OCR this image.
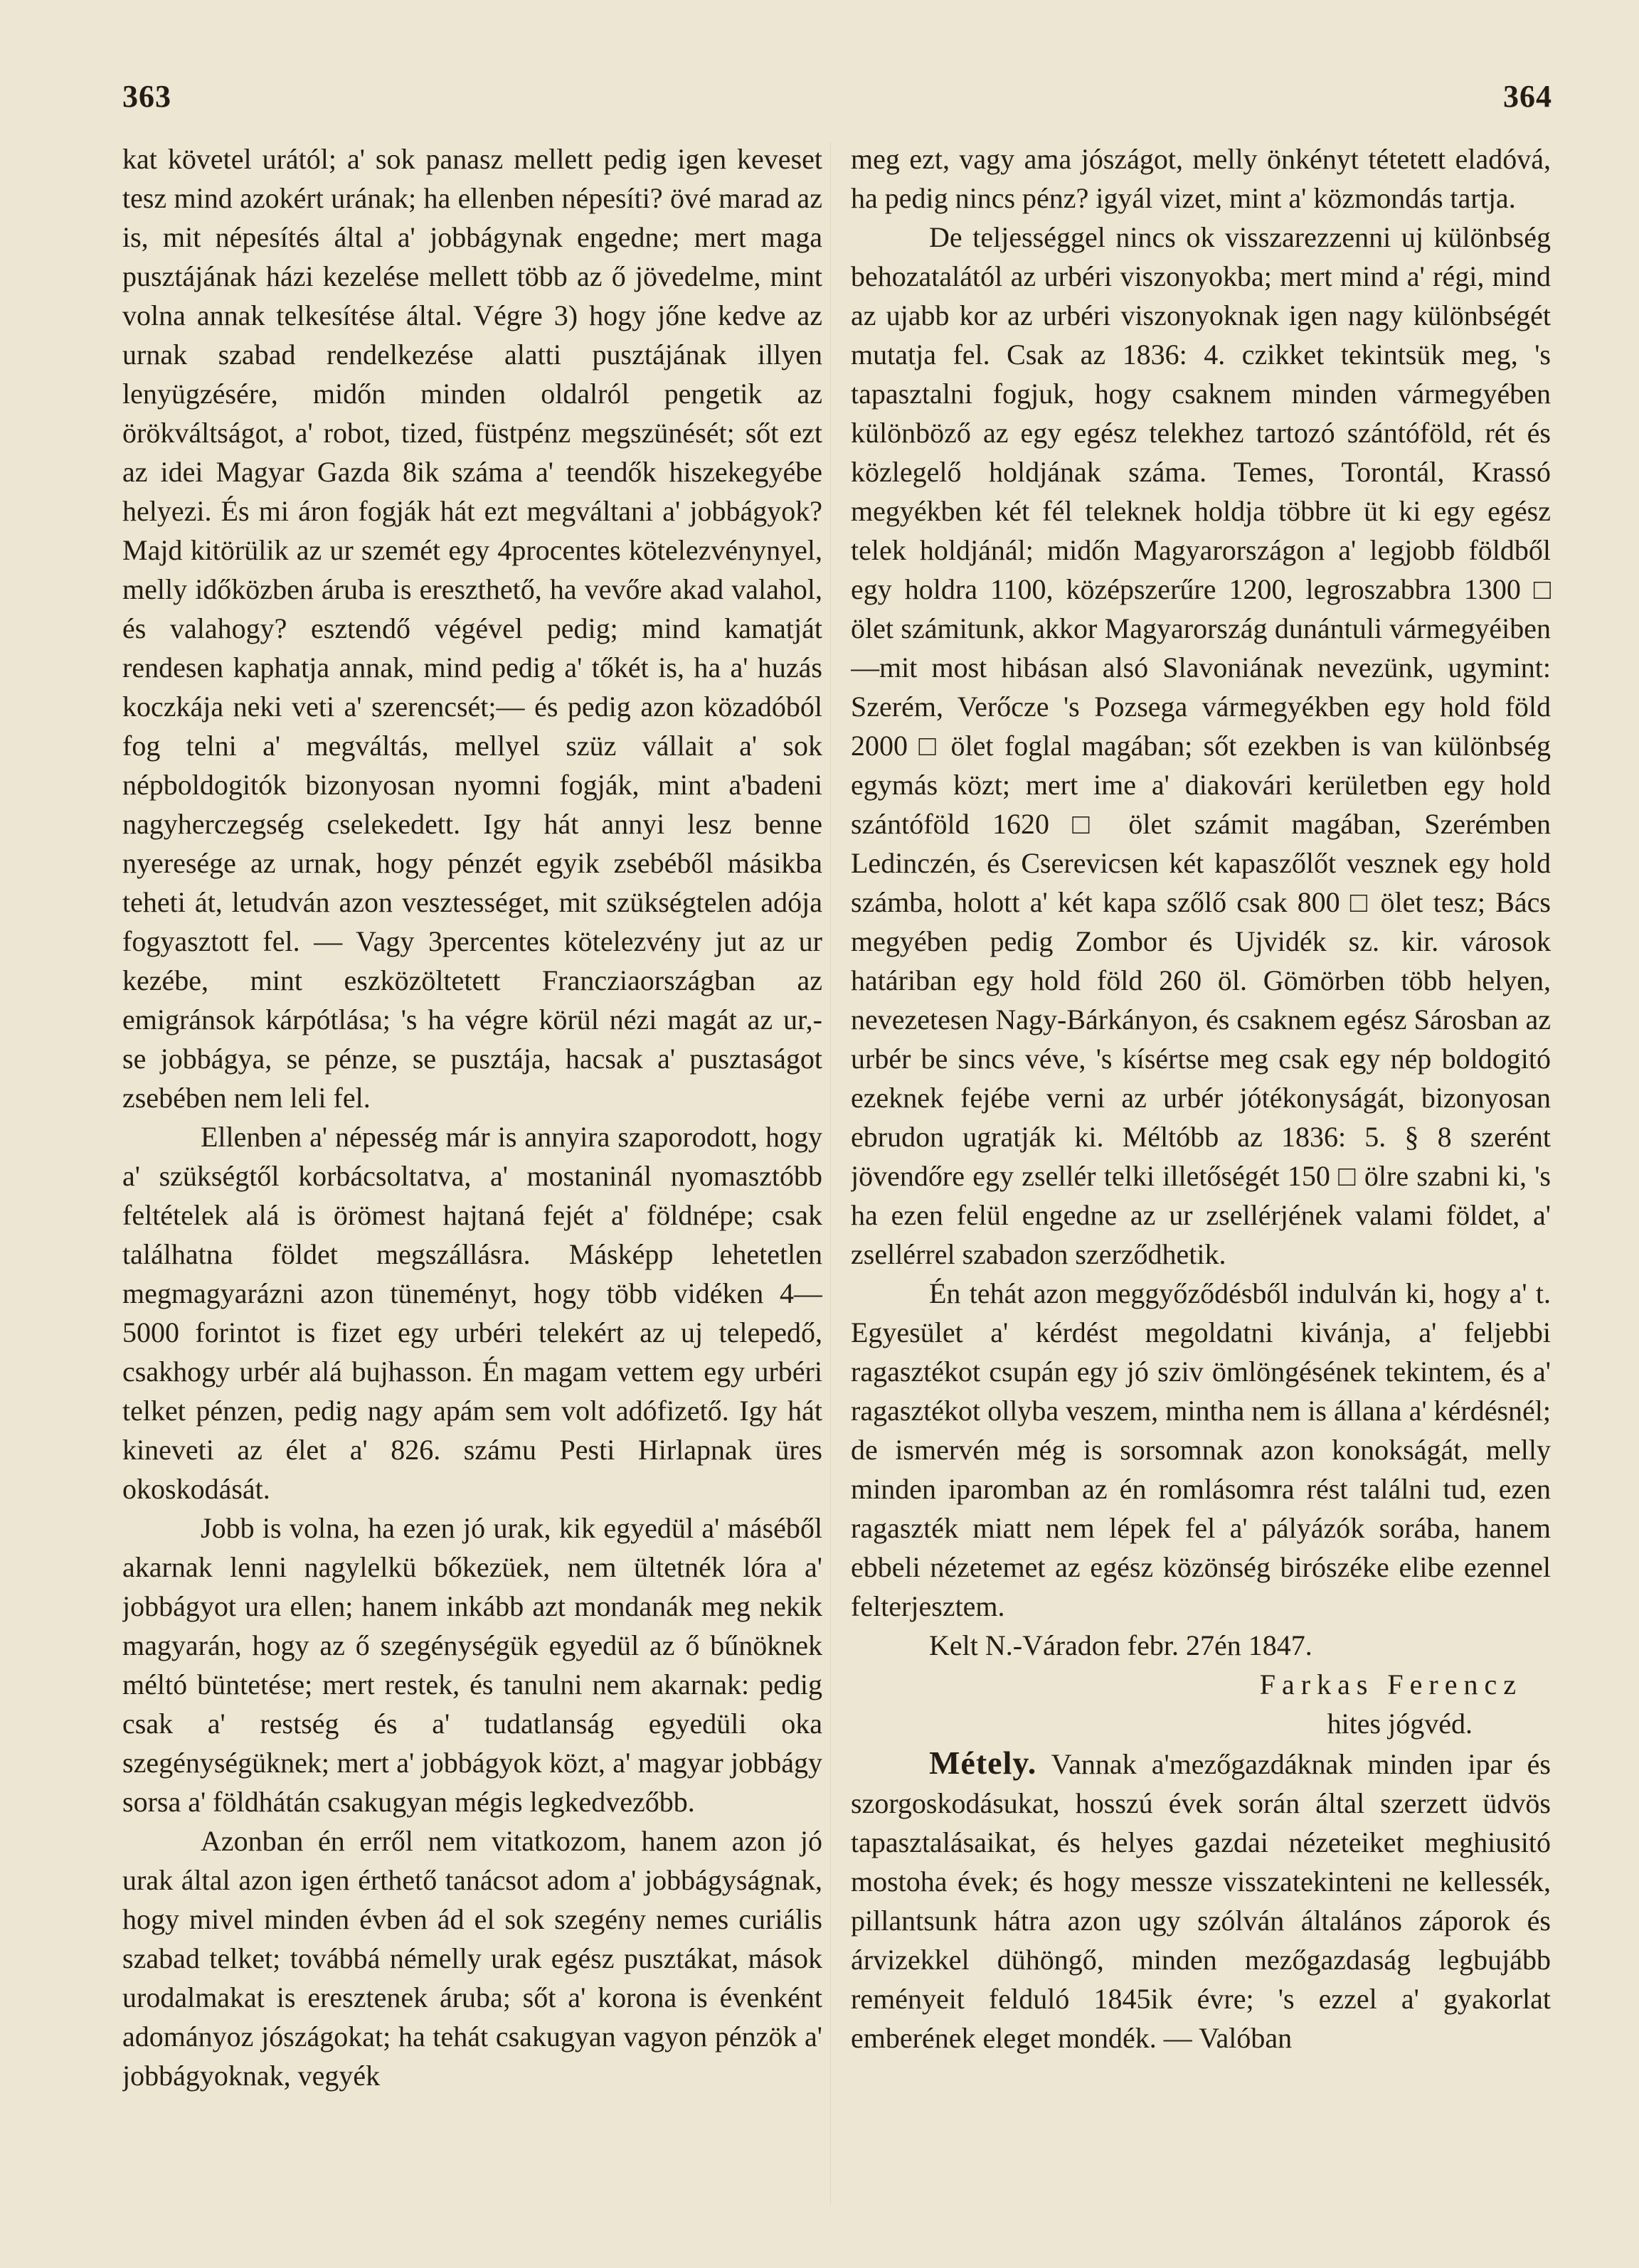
363	364

kat követel urától; a' sok panasz mellett pedig igen keveset tesz mind azokért urának; ha ellenben népesíti? övé marad az is, mit népesítés által a' jobbágynak engedne; mert maga pusztájának házi kezelése mellett több az ő jövedelme, mint volna annak telkesítése által. Végre 3) hogy jőne kedve az urnak szabad rendelkezése alatti pusztájának illyen lenyügzésére, midőn minden oldalról pengetik az örökváltságot, a' robot, tized, füstpénz megszünését; sőt ezt az idei Magyar Gazda 8ik száma a' teendők hiszekegyébe helyezi. És mi áron fogják hát ezt megváltani a' jobbágyok? Majd kitörülik az ur szemét egy 4procentes kötelezvénynyel, melly időközben áruba is ereszthető, ha vevőre akad valahol, és valahogy? esztendő végével pedig; mind kamatját rendesen kaphatja annak, mind pedig a' tőkét is, ha a' huzás koczkája neki veti a' szerencsét;— és pedig azon közadóból fog telni a' megváltás, mellyel szüz vállait a' sok népboldogitók bizonyosan nyomni fogják, mint a'badeni nagyherczegség cselekedett. Igy hát annyi lesz benne nyeresége az urnak, hogy pénzét egyik zsebéből másikba teheti át, letudván azon vesztességet, mit szükségtelen adója fogyasztott fel. — Vagy 3percentes kötelezvény jut az ur kezébe, mint eszközöltetett Francziaországban az emigránsok kárpótlása; 's ha végre körül nézi magát az ur,- se jobbágya, se pénze, se pusztája, hacsak a' pusztaságot zsebében nem leli fel.

Ellenben a' népesség már is annyira szaporodott, hogy a' szükségtől korbácsoltatva, a' mostaninál nyomasztóbb feltételek alá is örömest hajtaná fejét a' földnépe; csak találhatna földet megszállásra. Másképp lehetetlen megmagyarázni azon tüneményt, hogy több vidéken 4—5000 forintot is fizet egy urbéri telekért az uj telepedő, csakhogy urbér alá bujhasson. Én magam vettem egy urbéri telket pénzen, pedig nagy apám sem volt adófizető. Igy hát kineveti az élet a' 826. számu Pesti Hirlapnak üres okoskodását.

Jobb is volna, ha ezen jó urak, kik egyedül a' máséből akarnak lenni nagylelkü bőkezüek, nem ültetnék lóra a' jobbágyot ura ellen; hanem inkább azt mondanák meg nekik magyarán, hogy az ő szegénységük egyedül az ő bűnöknek méltó büntetése; mert restek, és tanulni nem akarnak: pedig csak a' restség és a' tudatlanság egyedüli oka szegénységüknek; mert a' jobbágyok közt, a' magyar jobbágy sorsa a' földhátán csakugyan mégis legkedvezőbb.

Azonban én erről nem vitatkozom, hanem azon jó urak által azon igen érthető tanácsot adom a' jobbágyságnak, hogy mivel minden évben ád el sok szegény nemes curiális szabad telket; továbbá némelly urak egész pusztákat, mások urodalmakat is eresztenek áruba; sőt a' korona is évenként adományoz jószágokat; ha tehát csakugyan vagyon pénzök a' jobbágyoknak, vegyék

meg ezt, vagy ama jószágot, melly önkényt tétetett eladóvá, ha pedig nincs pénz? igyál vizet, mint a' közmondás tartja.

De teljességgel nincs ok visszarezzenni uj különbség behozatalától az urbéri viszonyokba; mert mind a' régi, mind az ujabb kor az urbéri viszonyoknak igen nagy különbségét mutatja fel. Csak az 1836: 4. czikket tekintsük meg, 's tapasztalni fogjuk, hogy csaknem minden vármegyében különböző az egy egész telekhez tartozó szántóföld, rét és közlegelő holdjának száma. Temes, Torontál, Krassó megyékben két fél teleknek holdja többre üt ki egy egész telek holdjánál; midőn Magyarországon a' legjobb földből egy holdra 1100, középszerűre 1200, legroszabbra 1300 □ ölet számitunk, akkor Magyarország dunántuli vármegyéiben—mit most hibásan alsó Slavoniának nevezünk, ugymint: Szerém, Verőcze 's Pozsega vármegyékben egy hold föld 2000 □ ölet foglal magában; sőt ezekben is van különbség egymás közt; mert ime a' diakovári kerületben egy hold szántóföld 1620 □ ölet számit magában, Szerémben Ledinczén, és Cserevicsen két kapaszőlőt vesznek egy hold számba, holott a' két kapa szőlő csak 800 □ ölet tesz; Bács megyében pedig Zombor és Ujvidék sz. kir. városok határiban egy hold föld 260 öl. Gömörben több helyen, nevezetesen Nagy-Bárkányon, és csaknem egész Sárosban az urbér be sincs véve, 's kísértse meg csak egy nép boldogitó ezeknek fejébe verni az urbér jótékonyságát, bizonyosan ebrudon ugratják ki. Méltóbb az 1836: 5. § 8 szerént jövendőre egy zsellér telki illetőségét 150 □ ölre szabni ki, 's ha ezen felül engedne az ur zsellérjének valami földet, a' zsellérrel szabadon szerződhetik.

Én tehát azon meggyőződésből indulván ki, hogy a' t. Egyesület a' kérdést megoldatni kivánja, a' feljebbi ragasztékot csupán egy jó sziv ömlöngésének tekintem, és a' ragasztékot ollyba veszem, mintha nem is állana a' kérdésnél; de ismervén még is sorsomnak azon konokságát, melly minden iparomban az én romlásomra rést találni tud, ezen ragaszték miatt nem lépek fel a' pályázók sorába, hanem ebbeli nézetemet az egész közönség birószéke elibe ezennel felterjesztem.

Kelt N.-Váradon febr. 27én 1847.

Farkas Ferencz

hites jógvéd.

Métely. Vannak a'mezőgazdáknak minden ipar és szorgoskodásukat, hosszú évek során által szerzett üdvös tapasztalásaikat, és helyes gazdai nézeteiket meghiusitó mostoha évek; és hogy messze visszatekinteni ne kellessék, pillantsunk hátra azon ugy szólván általános záporok és árvizekkel dühöngő, minden mezőgazdaság legbujább reményeit felduló 1845ik évre; 's ezzel a' gyakorlat emberének eleget mondék. — Valóban
